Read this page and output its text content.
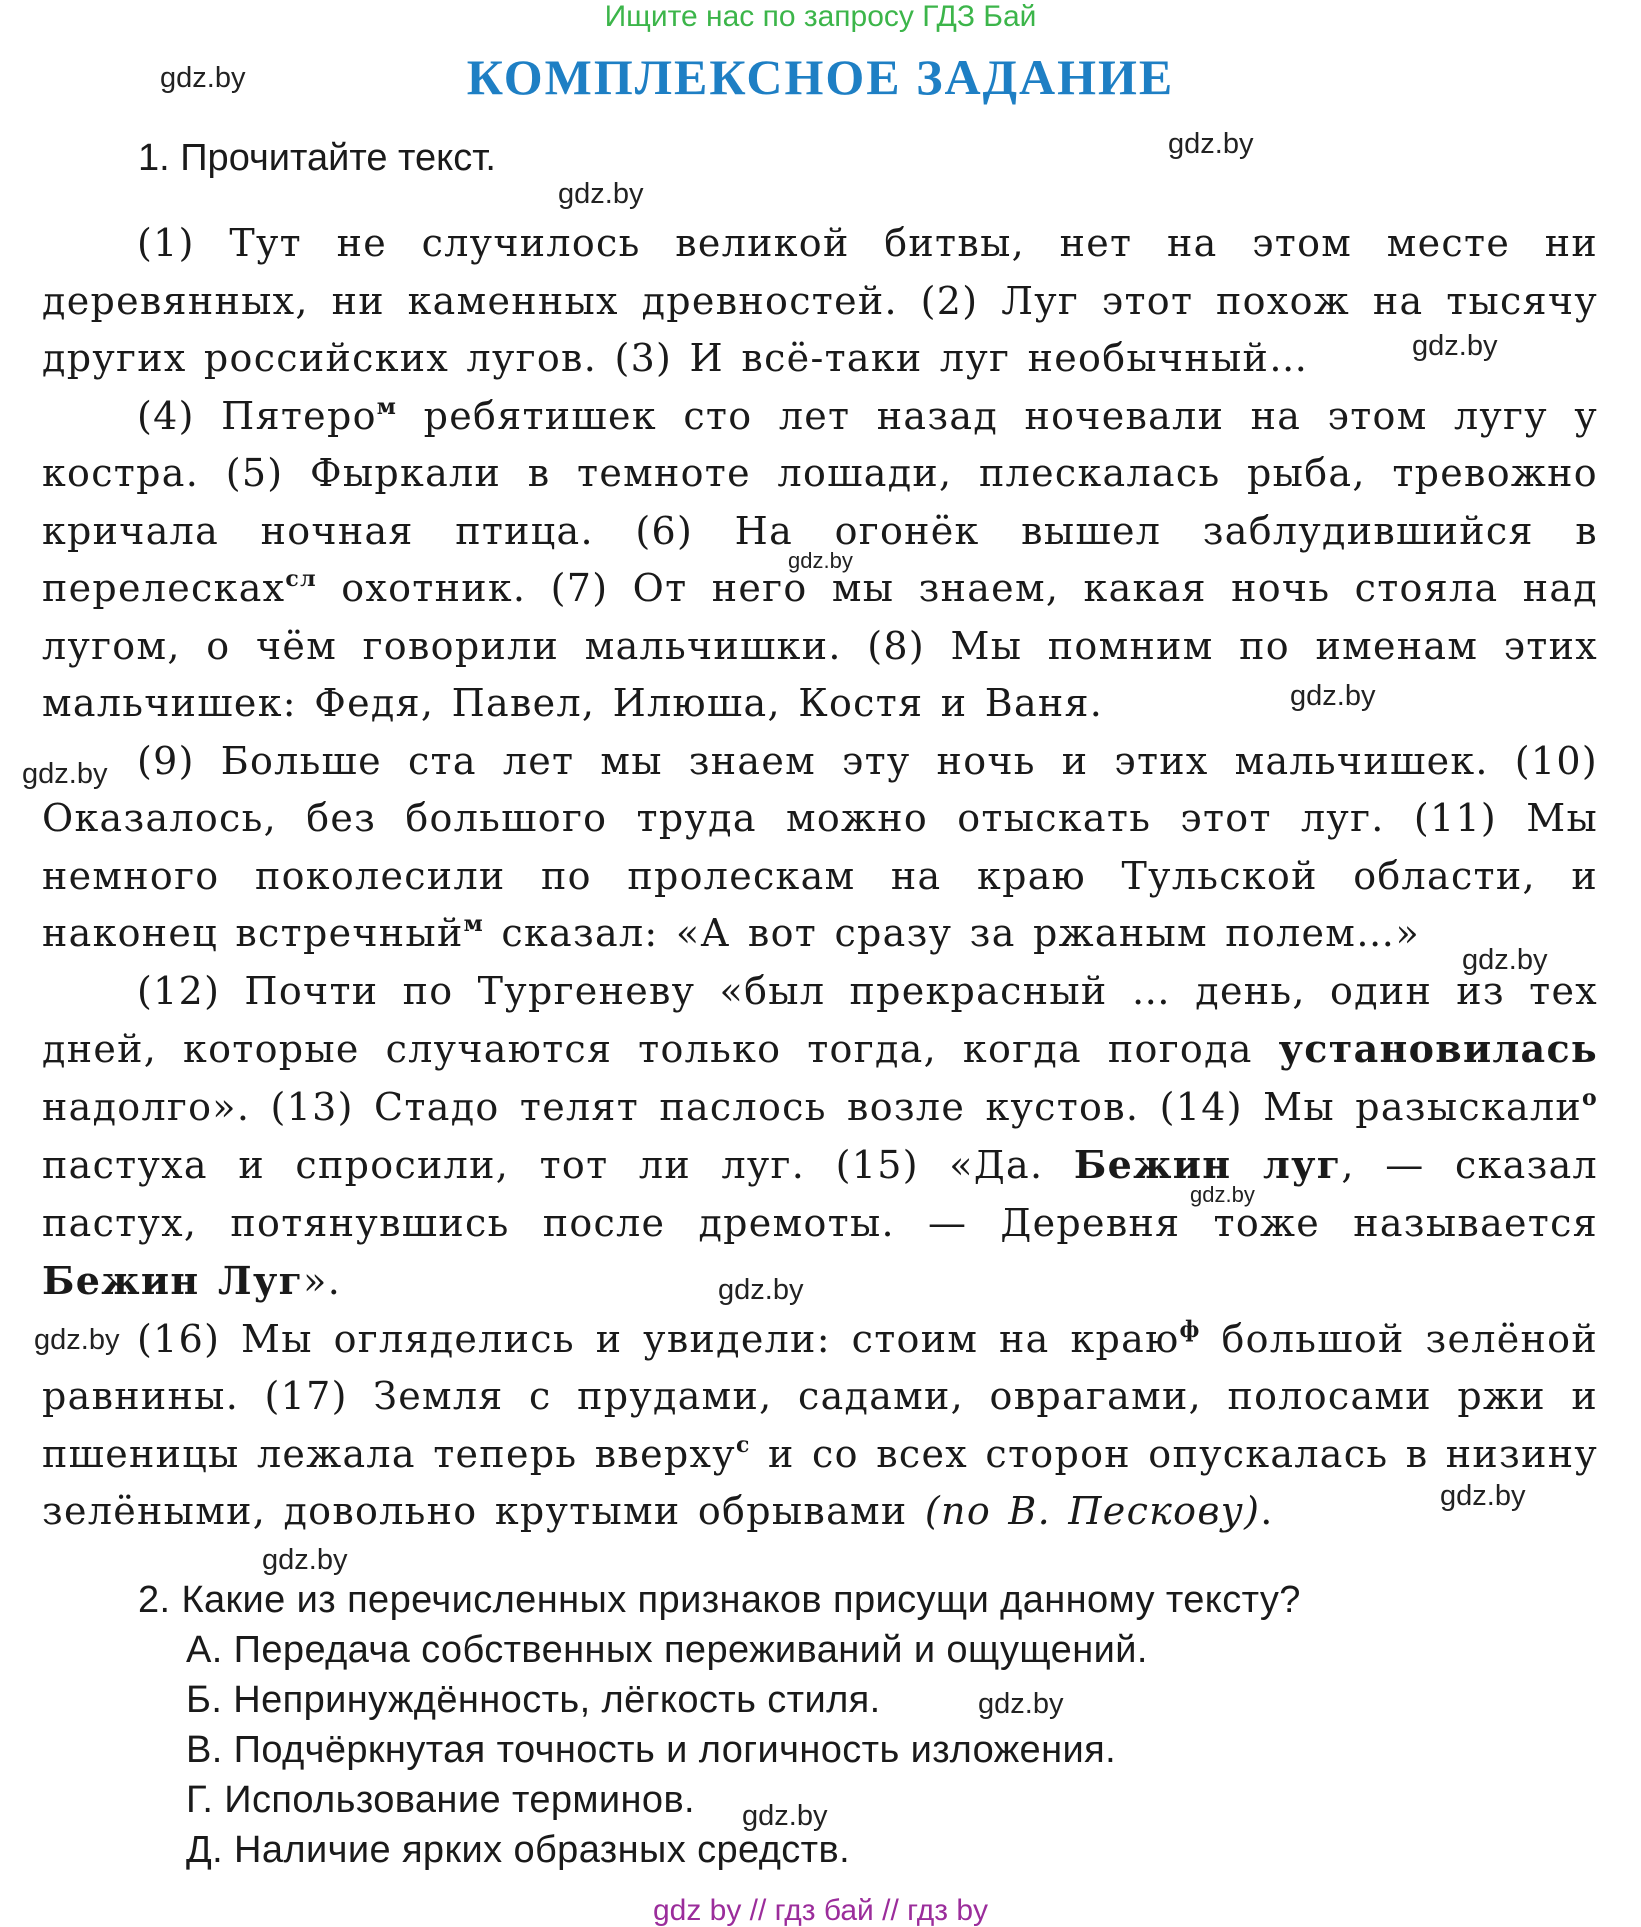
Ищите нас по запросу ГДЗ Бай
КОМПЛЕКСНОЕ ЗАДАНИЕ
1. Прочитайте текст.

(1) Тут не случилось великой битвы, нет на этом месте ни деревянных, ни каменных древностей. (2) Луг этот похож на тысячу других российских лугов. (3) И всё-таки луг необычный…

(4) Пятеро$^м$ ребятишек сто лет назад ночевали на этом лугу у костра. (5) Фыркали в темноте лошади, плескалась рыба, тревожно кричала ночная птица. (6) На огонёк вышел заблудившийся в перелесках$^{сл}$ охотник. (7) От него мы знаем, какая ночь стояла над лугом, о чём говорили мальчишки. (8) Мы помним по именам этих мальчишек: Федя, Павел, Илюша, Костя и Ваня.

(9) Больше ста лет мы знаем эту ночь и этих мальчишек. (10) Оказалось, без большого труда можно отыскать этот луг. (11) Мы немного поколесили по пролескам на краю Тульской области, и наконец встречный$^м$ сказал: «А вот сразу за ржаным полем…»

(12) Почти по Тургеневу «был прекрасный … день, один из тех дней, которые случаются только тогда, когда погода установилась надолго». (13) Стадо телят паслось возле кустов. (14) Мы разыскали$^о$ пастуха и спросили, тот ли луг. (15) «Да. Бежин луг, — сказал пастух, потянувшись после дремоты. — Деревня тоже называется Бежин Луг».

(16) Мы огляделись и увидели: стоим на краю$^ф$ большой зелёной равнины. (17) Земля с прудами, садами, оврагами, полосами ржи и пшеницы лежала теперь вверху$^с$ и со всех сторон опускалась в низину зелёными, довольно крутыми обрывами (по В. Пескову).

2. Какие из перечисленных признаков присущи данному тексту?

А. Передача собственных переживаний и ощущений.
Б. Непринуждённость, лёгкость стиля.
В. Подчёркнутая точность и логичность изложения.
Г. Использование терминов.
Д. Наличие ярких образных средств.
gdz.by
gdz.by
gdz.by
gdz.by
gdz.by
gdz.by
gdz.by
gdz.by
gdz.by
gdz.by
gdz.by
gdz.by
gdz.by
gdz.by
gdz.by
gdz by // гдз бай // гдз by
